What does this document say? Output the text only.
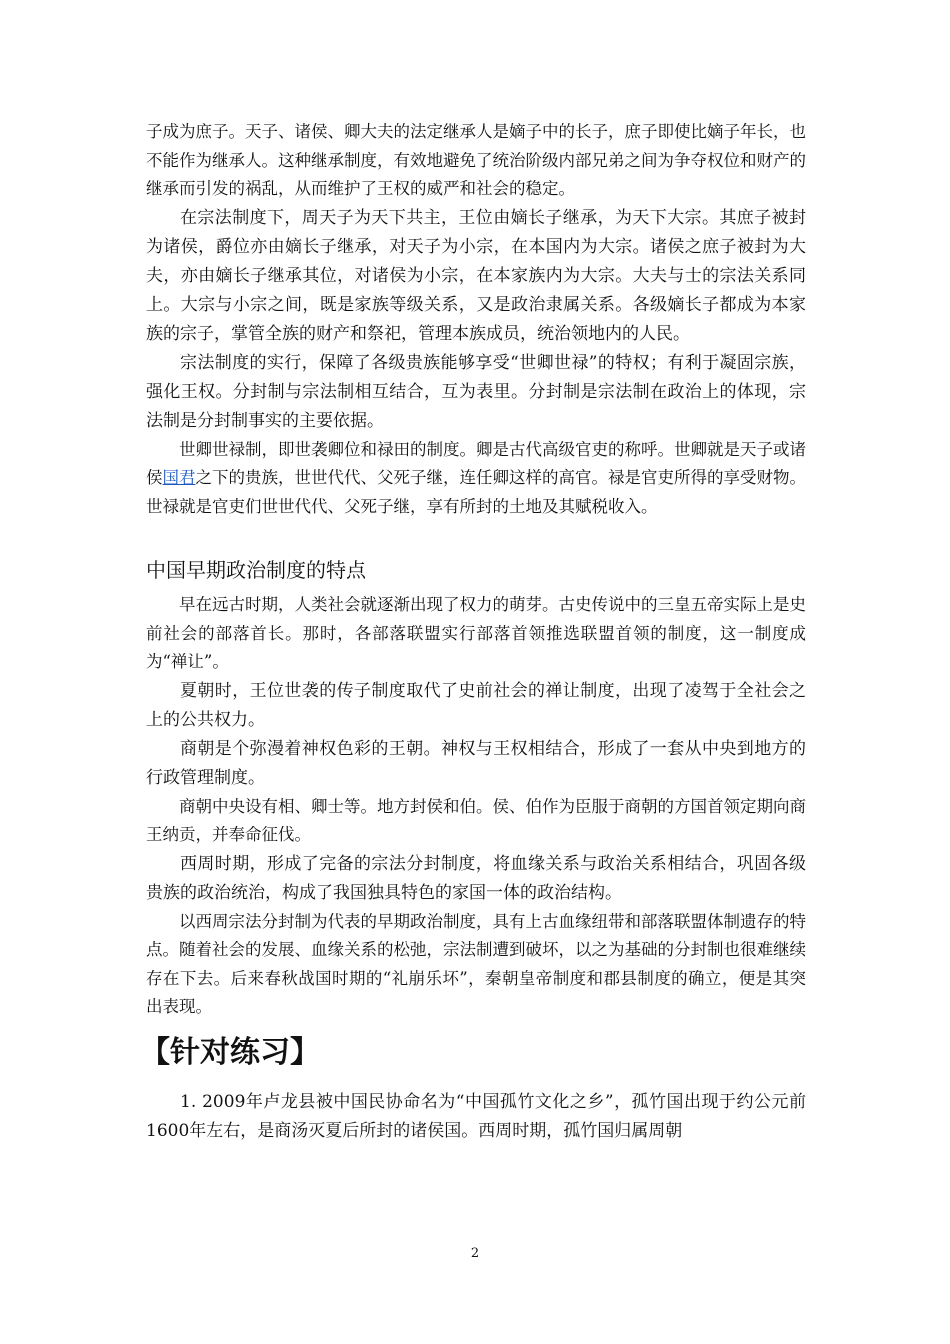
子成为庶子。天子、诸侯、卿大夫的法定继承人是嫡子中的长子，庶子即使比嫡子年长，也不能作为继承人。这种继承制度，有效地避免了统治阶级内部兄弟之间为争夺权位和财产的继承而引发的祸乱，从而维护了王权的威严和社会的稳定。

在宗法制度下，周天子为天下共主，王位由嫡长子继承，为天下大宗。其庶子被封为诸侯，爵位亦由嫡长子继承，对天子为小宗，在本国内为大宗。诸侯之庶子被封为大夫，亦由嫡长子继承其位，对诸侯为小宗，在本家族内为大宗。大夫与士的宗法关系同上。大宗与小宗之间，既是家族等级关系，又是政治隶属关系。各级嫡长子都成为本家族的宗子，掌管全族的财产和祭祀，管理本族成员，统治领地内的人民。

宗法制度的实行，保障了各级贵族能够享受“世卿世禄”的特权；有利于凝固宗族，强化王权。分封制与宗法制相互结合，互为表里。分封制是宗法制在政治上的体现，宗法制是分封制事实的主要依据。

世卿世禄制，即世袭卿位和禄田的制度。卿是古代高级官吏的称呼。世卿就是天子或诸侯国君之下的贵族，世世代代、父死子继，连任卿这样的高官。禄是官吏所得的享受财物。世禄就是官吏们世世代代、父死子继，享有所封的土地及其赋税收入。

中国早期政治制度的特点

早在远古时期，人类社会就逐渐出现了权力的萌芽。古史传说中的三皇五帝实际上是史前社会的部落首长。那时，各部落联盟实行部落首领推选联盟首领的制度，这一制度成为“禅让”。

夏朝时，王位世袭的传子制度取代了史前社会的禅让制度，出现了凌驾于全社会之上的公共权力。

商朝是个弥漫着神权色彩的王朝。神权与王权相结合，形成了一套从中央到地方的行政管理制度。

商朝中央设有相、卿士等。地方封侯和伯。侯、伯作为臣服于商朝的方国首领定期向商王纳贡，并奉命征伐。

西周时期，形成了完备的宗法分封制度，将血缘关系与政治关系相结合，巩固各级贵族的政治统治，构成了我国独具特色的家国一体的政治结构。

以西周宗法分封制为代表的早期政治制度，具有上古血缘纽带和部落联盟体制遗存的特点。随着社会的发展、血缘关系的松弛，宗法制遭到破坏，以之为基础的分封制也很难继续存在下去。后来春秋战国时期的“礼崩乐坏”，秦朝皇帝制度和郡县制度的确立，便是其突出表现。

【针对练习】

1. 2009年卢龙县被中国民协命名为“中国孤竹文化之乡”，孤竹国出现于约公元前1600年左右，是商汤灭夏后所封的诸侯国。西周时期，孤竹国归属周朝

2
